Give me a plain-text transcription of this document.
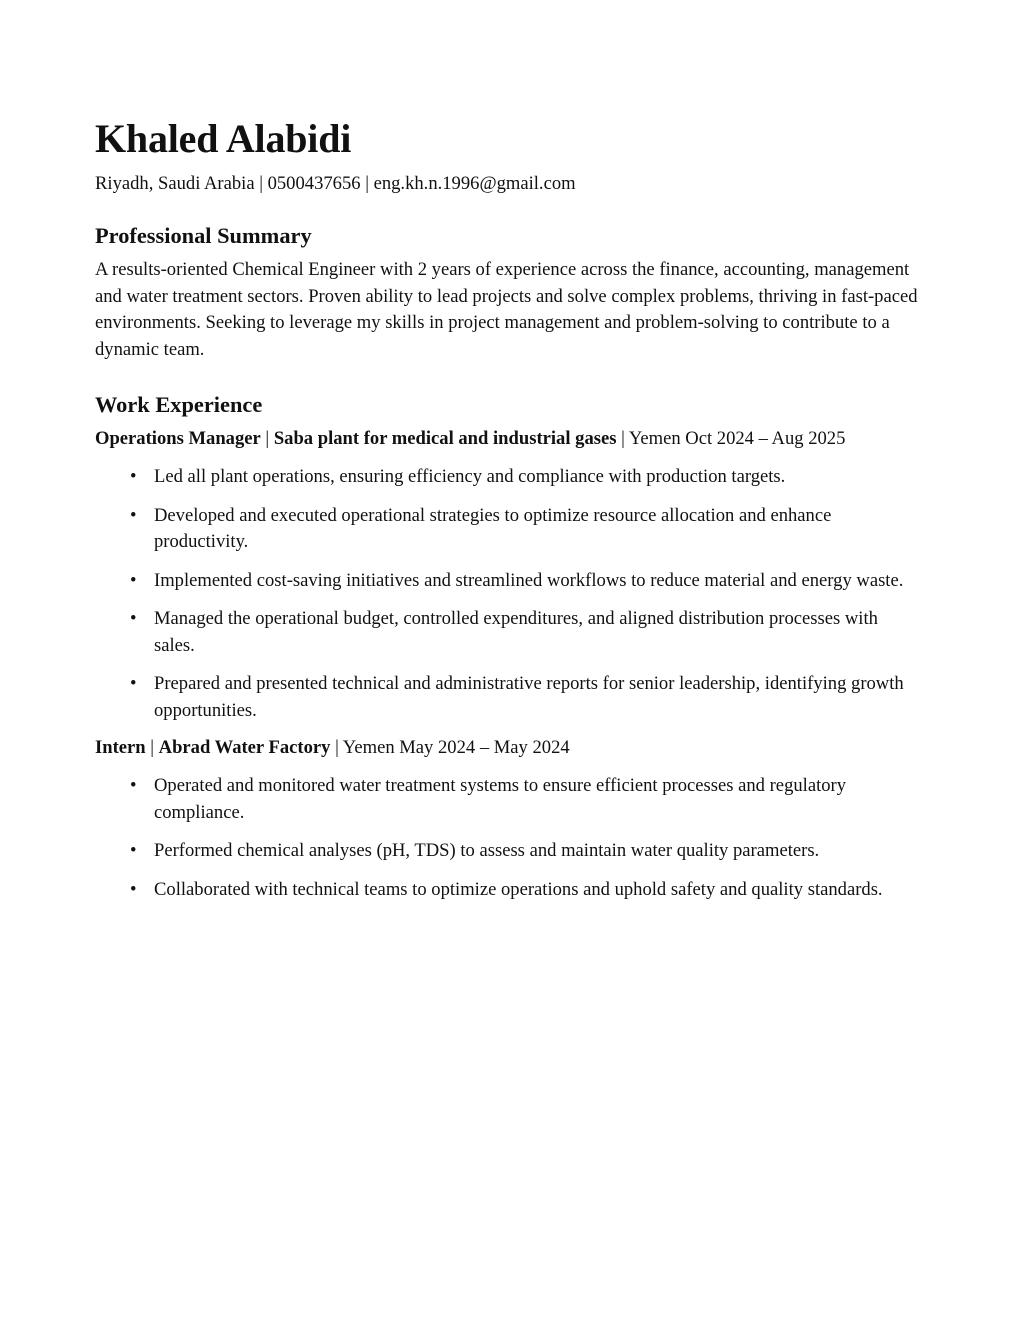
Khaled Alabidi

Riyadh, Saudi Arabia | 0500437656 | eng.kh.n.1996@gmail.com

Professional Summary

A results-oriented Chemical Engineer with 2 years of experience across the finance, accounting, management and water treatment sectors. Proven ability to lead projects and solve complex problems, thriving in fast-paced environments. Seeking to leverage my skills in project management and problem-solving to contribute to a dynamic team.

Work Experience

Operations Manager | Saba plant for medical and industrial gases | Yemen Oct 2024 – Aug 2025

• Led all plant operations, ensuring efficiency and compliance with production targets.
• Developed and executed operational strategies to optimize resource allocation and enhance productivity.
• Implemented cost-saving initiatives and streamlined workflows to reduce material and energy waste.
• Managed the operational budget, controlled expenditures, and aligned distribution processes with sales.
• Prepared and presented technical and administrative reports for senior leadership, identifying growth opportunities.

Intern | Abrad Water Factory | Yemen May 2024 – May 2024

• Operated and monitored water treatment systems to ensure efficient processes and regulatory compliance.
• Performed chemical analyses (pH, TDS) to assess and maintain water quality parameters.
• Collaborated with technical teams to optimize operations and uphold safety and quality standards.
